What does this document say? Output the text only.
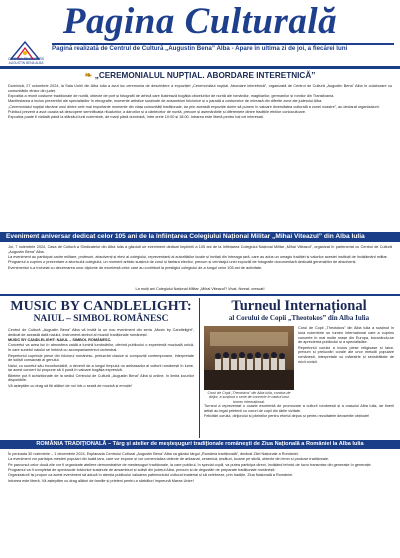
Pagina Culturală
CENTRUL DE CULTURĂ AUGUSTIN BENA ALBA
Pagină realizată de Centrul de Cultură „Augustin Bena” Alba - Apare în ultima zi de joi, a fiecărei luni
❧ „CEREMONIALUL NUPȚIAL. ABORDARE INTERETNICĂ”

Duminică, 27 octombrie 2024, la Sala Unirii din Alba Iulia a avut loc ceremonia de deschidere a expoziției „Ceremonialul nupțial. Abordare interetnică”, organizată de Centrul de Cultură „Augustin Bena” Alba în colaborare cu comunitățile etnice din județ.

Expoziția a reunit costume tradiționale de nuntă, obiecte de port și fotografii de arhivă care ilustrează bogăția obiceiurilor de nuntă ale românilor, maghiarilor, germanilor și romilor din Transilvania.

Manifestarea a inclus prezentări ale specialiștilor în etnografie, momente artistice susținute de ansambluri folclorice și o paradă a costumelor de mireasă din diferite zone ale județului Alba.

„Ceremonialul nupțial rămâne unul dintre cele mai importante momente din viața comunității tradiționale, iar prin această expoziție dorim să punem în valoare diversitatea culturală a zonei noastre”, au declarat organizatorii.

Publicul prezent a avut ocazia să descopere semnificația ritualurilor, a darurilor și a cântecelor de nuntă, precum și asemănările și diferențele dintre tradițiile etniilor conlocuitoare.

Expoziția poate fi vizitată până la sfârșitul lunii noiembrie, de marți până duminică, între orele 10:00 și 18:00. Intrarea este liberă pentru toți cei interesați.

Eveniment aniversar dedicat celor 105 ani de la înființarea Colegiului Național Militar „Mihai Viteazul” din Alba Iulia

Joi, 7 noiembrie 2024, Casa de Cultură a Sindicatelor din Alba Iulia a găzduit un eveniment dedicat împlinirii a 105 ani de la înființarea Colegiului Național Militar „Mihai Viteazul”, organizat în parteneriat cu Centrul de Cultură „Augustin Bena” Alba.

La eveniment au participat cadre militare, profesori, absolvenți și elevi ai colegiului, reprezentanți ai autorităților locale și invitați din întreaga țară, care au adus un omagiu tradiției și valorilor acestei instituții de învățământ militar.

Programul a cuprins o prezentare a istoricului colegiului, un moment artistic susținut de corul și fanfara elevilor, precum și vernisajul unei expoziții de fotografie documentară dedicată generațiilor de absolvenți.

Evenimentul s-a încheiat cu decernarea unor diplome de excelență celor care au contribuit la prestigiul colegiului de-a lungul celor 105 ani de activitate.

La mulți ani Colegiului Național Militar „Mihai Viteazul”! Vivat, floreat, crescat!
MUSIC BY CANDLELIGHT:
NAIUL – SIMBOL ROMÂNESC

Centrul de Cultură „Augustin Bena” Alba vă invită la un nou eveniment din seria „Music by Candlelight”, dedicat de această dată naiului, instrument-simbol al muzicii tradiționale românești.

MUSIC BY CANDLELIGHT: NAIUL – SIMBOL ROMÂNESC.

Concertul va avea loc în atmosfera caldă a luminii lumânărilor, oferind publicului o experiență muzicală unică, în care sunetul naiului se îmbină cu acompaniamentul orchestral.

Repertoriul cuprinde piese din folclorul românesc, prelucrări clasice și compoziții contemporane, interpretate de soliști consacrați ai genului.

Naiul, cu sunetul său inconfundabil, a devenit de-a lungul timpului un ambasador al culturii românești în lume, iar acest concert își propune să îi pună în valoare bogăția expresivă.

Biletele pot fi achiziționate de la sediul Centrului de Cultură „Augustin Bena” Alba și online, în limita locurilor disponibile.

Vă așteptăm cu drag să fiți alături de noi într-o seară de muzică și emoție!

Turneul Internațional
al Corului de Copii „Theotokos” din Alba Iulia

Corul de Copii „Theotokos” din Alba Iulia a susținut în luna noiembrie un turneu internațional care a cuprins concerte în mai multe orașe din Europa, bucurându-se de aprecierea publicului și a specialiștilor.

Repertoriul corului a inclus piese religioase și laice, precum și prelucrări corale ale unor melodii populare românești, interpretate cu măiestrie și sensibilitate de micii coriști.

Corul de Copii „Theotokos” din Alba Iulia, condus de dirijor, a susținut o serie de concerte în cadrul unui turneu internațional.

Turneul a reprezentat o ocazie excelentă de promovare a culturii românești și a orașului Alba Iulia, iar tinerii artiști au legat prietenii cu coruri de copii din țările vizitate.

Felicitări corului, dirijorului și părinților pentru efortul depus și pentru rezultatele deosebite obținute!

ROMÂNIA TRADIȚIONALĂ – Târg și atelier de meșteșuguri tradiționale româneşti de Ziua Națională a României la Alba Iulia

În perioada 30 noiembrie – 1 decembrie 2024, Esplanada Centrului Cultural „Augustin Bena” Alba va găzdui târgul „România tradițională”, dedicat Zilei Naționale a României.

La eveniment vor participa meșteri populari din toată țara, care vor expune și vor comercializa obiecte de artizanat, ceramică, țesături, icoane pe sticlă, obiecte din lemn și produse tradiționale.

Pe parcursul celor două zile vor fi organizate ateliere demonstrative de meșteșuguri tradiționale, la care publicul, în special copiii, va putea participa direct, învățând tehnici de lucru transmise din generație în generație.

Programul va fi completat de spectacole folclorice susținute de ansambluri și soliști din județul Alba, precum și de degustări de preparate tradiționale românești.

Organizatorii își propun ca acest eveniment să aducă în atenția publicului valoarea patrimoniului cultural imaterial și să celebreze, prin tradiție, Ziua Națională a României.

Intrarea este liberă. Vă așteptăm cu drag alături de familie și prieteni pentru a sărbători împreună Marea Unire!
